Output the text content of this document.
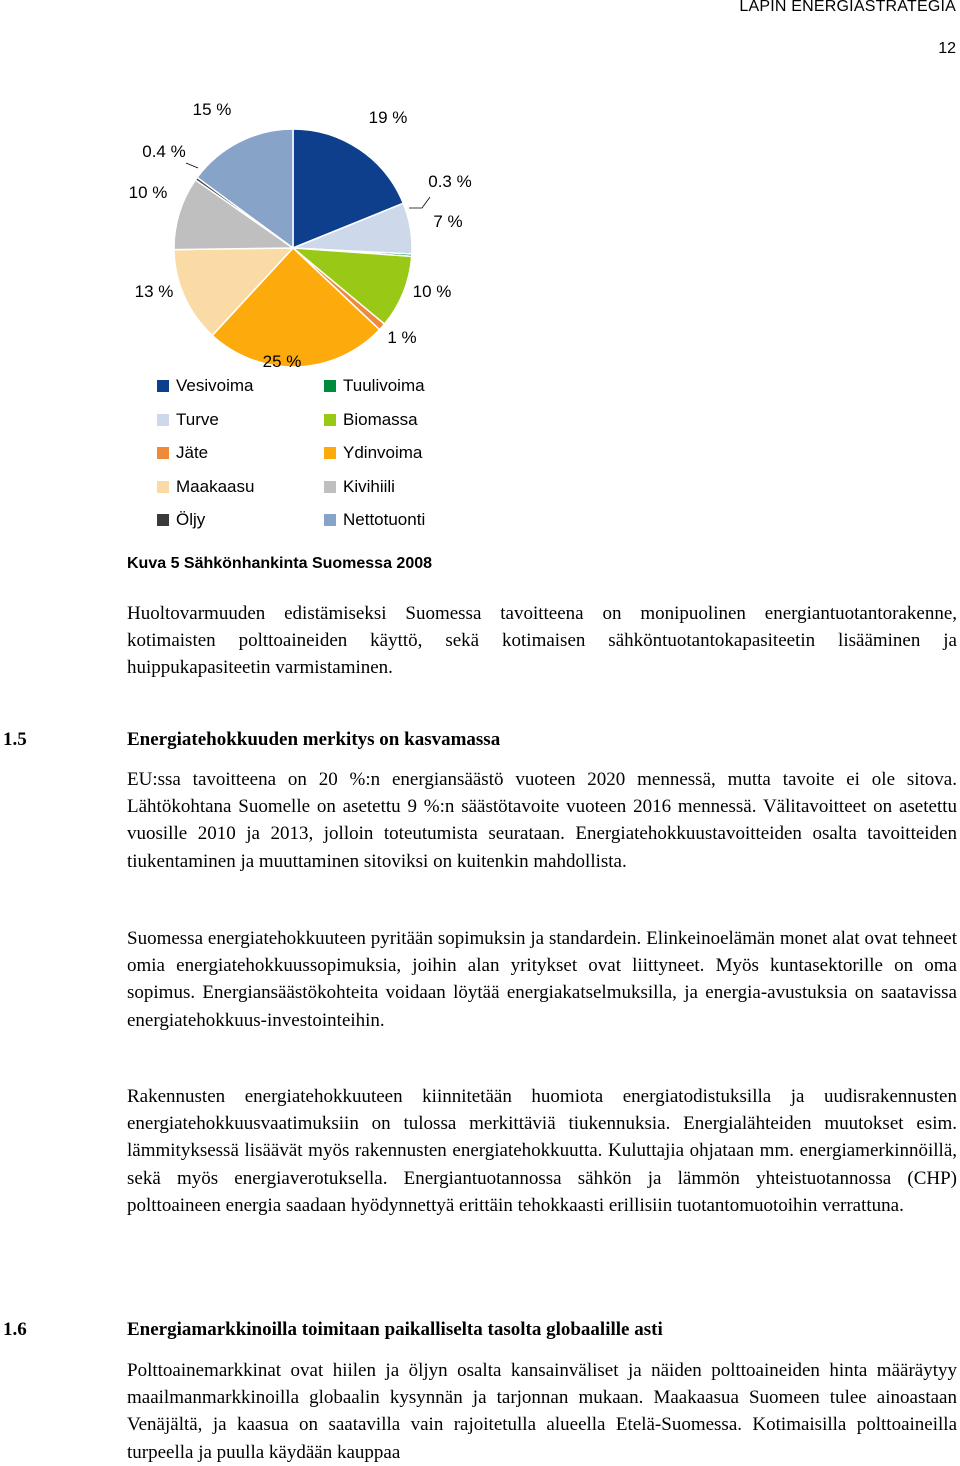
LAPIN ENERGIASTRATEGIA
12
19 %
7 %
0.3 %
10 %
1 %
25 %
13 %
10 %
0.4 %
15 %
Vesivoima	Tuulivoima
Turve	Biomassa
Jäte	Ydinvoima
Maakaasu	Kivihiili
Öljy	Nettotuonti
Kuva 5 Sähkönhankinta Suomessa 2008

Huoltovarmuuden edistämiseksi Suomessa tavoitteena on monipuolinen energiantuotantorakenne, kotimaisten polttoaineiden käyttö, sekä kotimaisen sähköntuotantokapasiteetin lisääminen ja huippukapasiteetin varmistaminen.

1.5	Energiatehokkuuden merkitys on kasvamassa

EU:ssa tavoitteena on 20 %:n energiansäästö vuoteen 2020 mennessä, mutta tavoite ei ole sitova. Lähtökohtana Suomelle on asetettu 9 %:n säästötavoite vuoteen 2016 mennessä. Välitavoitteet on asetettu vuosille 2010 ja 2013, jolloin toteutumista seurataan. Energiatehokkuustavoitteiden osalta tavoitteiden tiukentaminen ja muuttaminen sitoviksi on kuitenkin mahdollista.

Suomessa energiatehokkuuteen pyritään sopimuksin ja standardein. Elinkeinoelämän monet alat ovat tehneet omia energiatehokkuussopimuksia, joihin alan yritykset ovat liittyneet. Myös kuntasektorille on oma sopimus. Energiansäästökohteita voidaan löytää energiakatselmuksilla, ja energia-avustuksia on saatavissa energiatehokkuus-investointeihin.

Rakennusten energiatehokkuuteen kiinnitetään huomiota energiatodistuksilla ja uudisrakennusten energiatehokkuusvaatimuksiin on tulossa merkittäviä tiukennuksia. Energialähteiden muutokset esim. lämmityksessä lisäävät myös rakennusten energiatehokkuutta. Kuluttajia ohjataan mm. energiamerkinnöillä, sekä myös energiaverotuksella. Energiantuotannossa sähkön ja lämmön yhteistuotannossa (CHP) polttoaineen energia saadaan hyödynnettyä erittäin tehokkaasti erillisiin tuotantomuotoihin verrattuna.

1.6	Energiamarkkinoilla toimitaan paikalliselta tasolta globaalille asti

Polttoainemarkkinat ovat hiilen ja öljyn osalta kansainväliset ja näiden polttoaineiden hinta määräytyy maailmanmarkkinoilla globaalin kysynnän ja tarjonnan mukaan. Maakaasua Suomeen tulee ainoastaan Venäjältä, ja kaasua on saatavilla vain rajoitetulla alueella Etelä-Suomessa. Kotimaisilla polttoaineilla turpeella ja puulla käydään kauppaa
